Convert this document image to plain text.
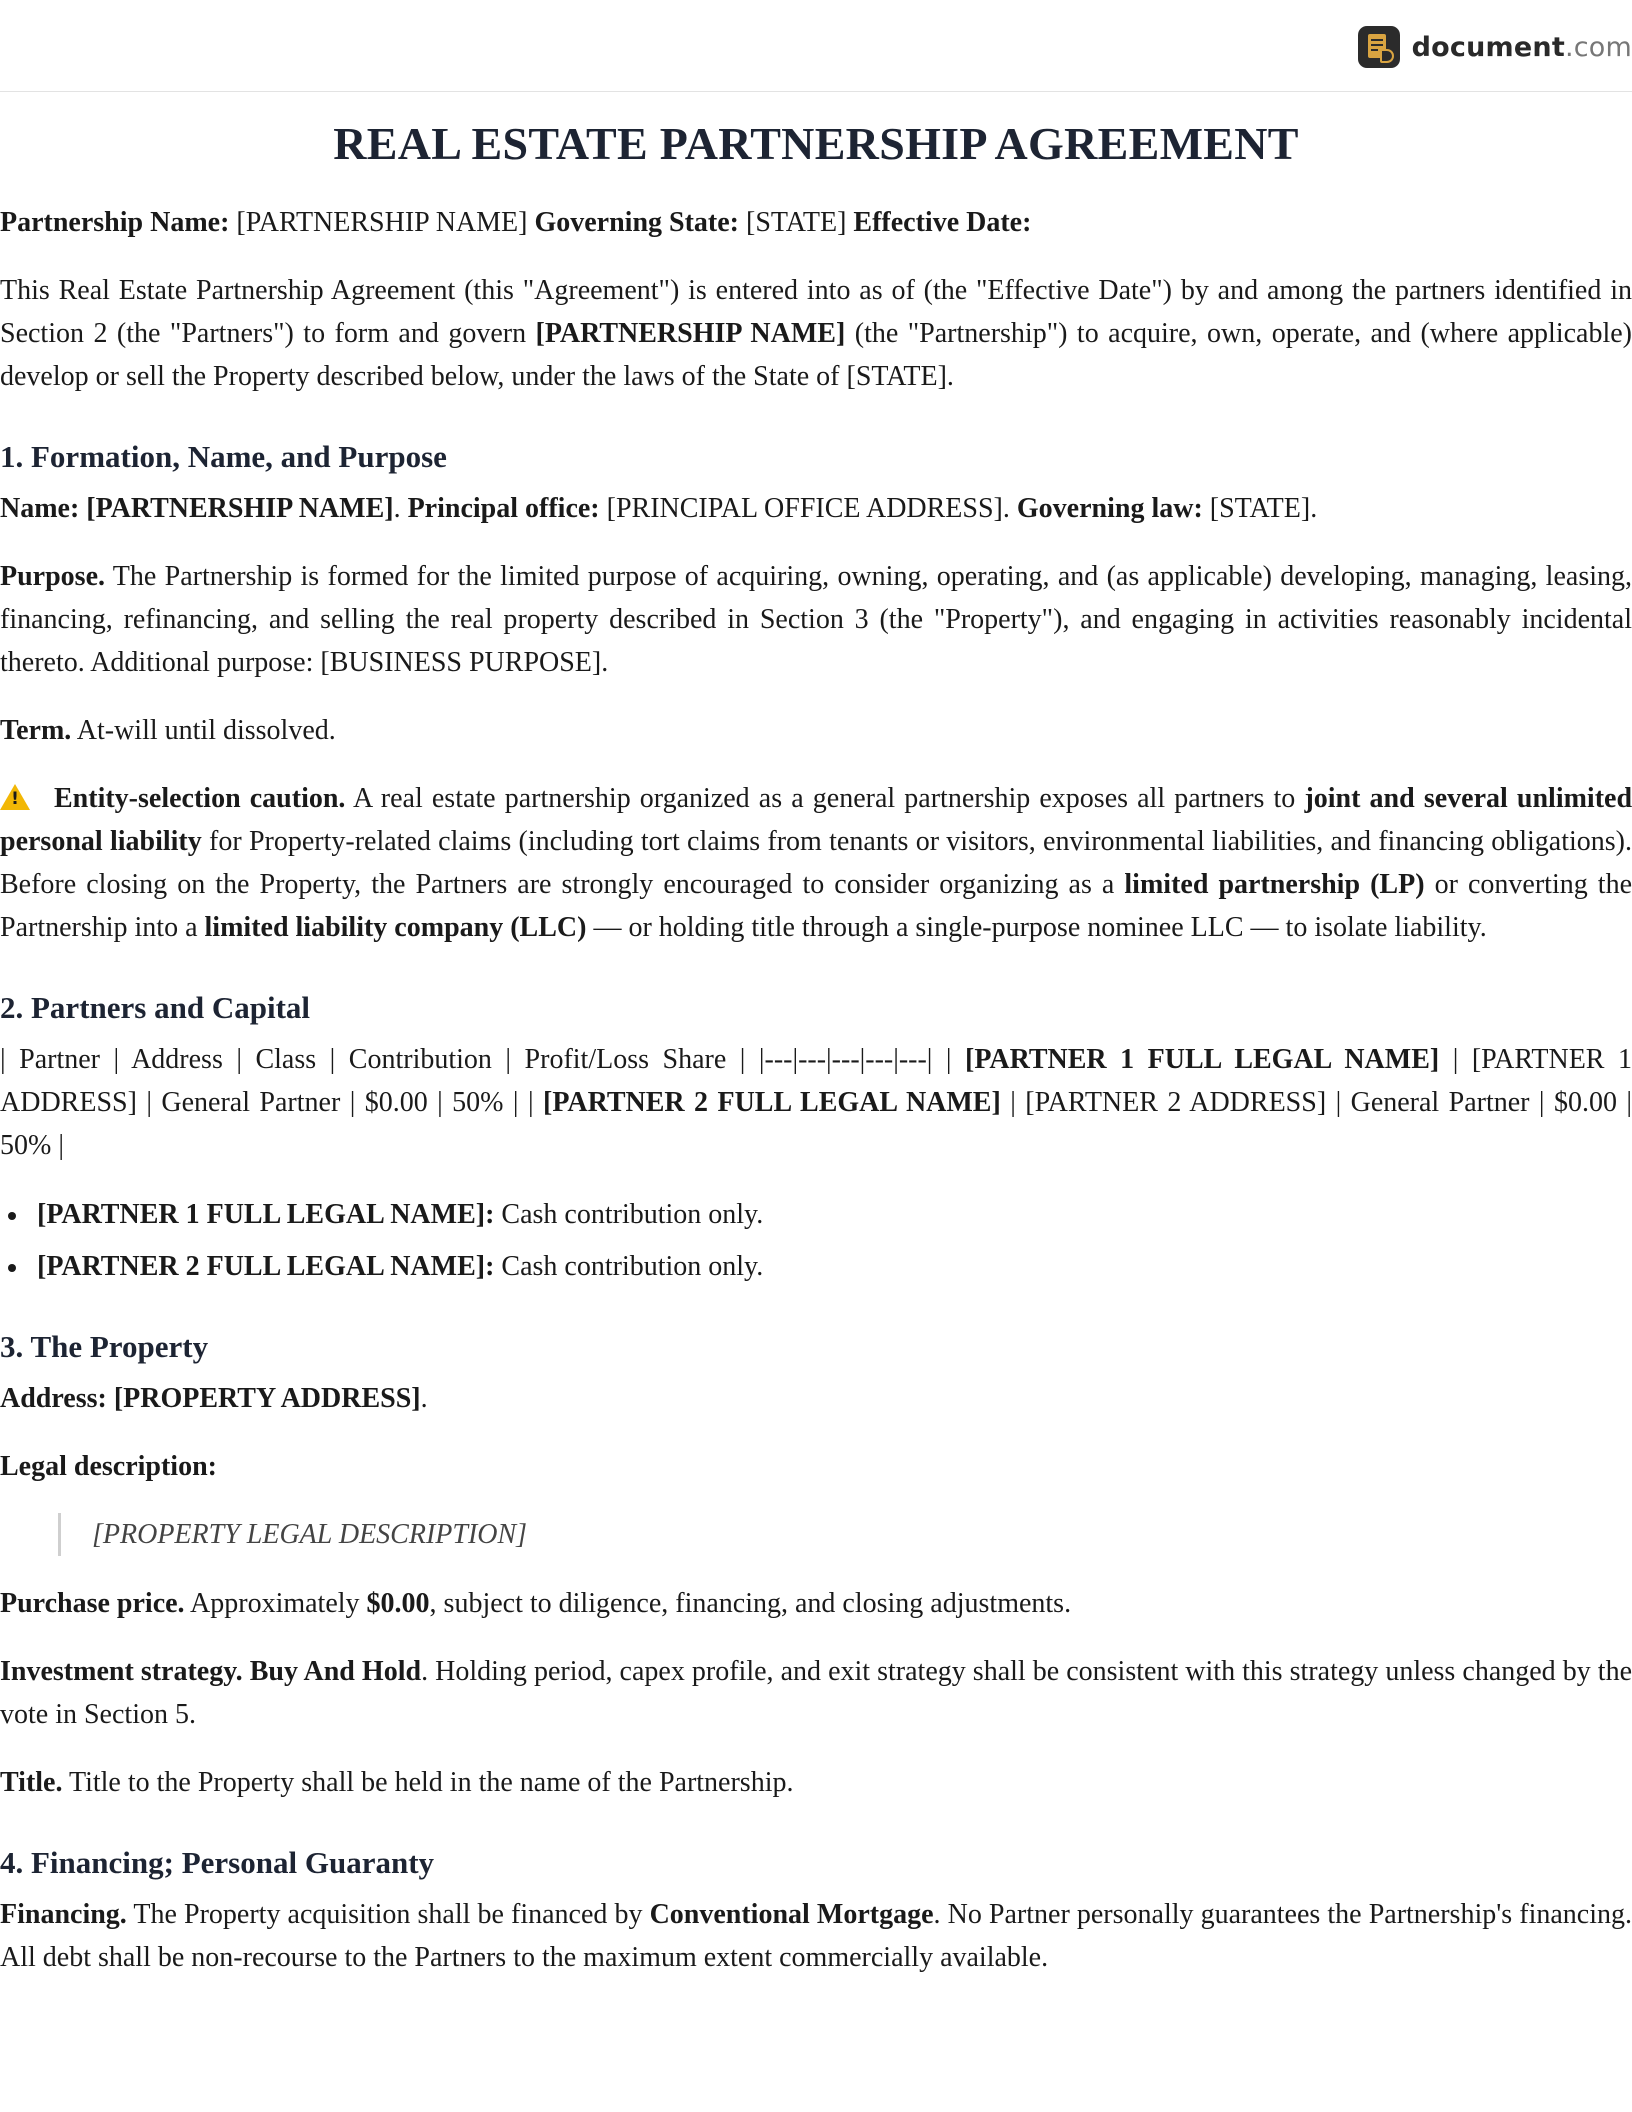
document.com
REAL ESTATE PARTNERSHIP AGREEMENT

Partnership Name: [PARTNERSHIP NAME] Governing State: [STATE] Effective Date:

This Real Estate Partnership Agreement (this "Agreement") is entered into as of (the "Effective Date") by and among the partners identified in Section 2 (the "Partners") to form and govern [PARTNERSHIP NAME] (the "Partnership") to acquire, own, operate, and (where applicable) develop or sell the Property described below, under the laws of the State of [STATE].

1. Formation, Name, and Purpose

Name: [PARTNERSHIP NAME]. Principal office: [PRINCIPAL OFFICE ADDRESS]. Governing law: [STATE].

Purpose. The Partnership is formed for the limited purpose of acquiring, owning, operating, and (as applicable) developing, managing, leasing, financing, refinancing, and selling the real property described in Section 3 (the "Property"), and engaging in activities reasonably incidental thereto. Additional purpose: [BUSINESS PURPOSE].

Term. At-will until dissolved.

!	Entity-selection caution. A real estate partnership organized as a general partnership exposes all partners to joint and several unlimited personal liability for Property-related claims (including tort claims from tenants or visitors, environmental liabilities, and financing obligations). Before closing on the Property, the Partners are strongly encouraged to consider organizing as a limited partnership (LP) or converting the Partnership into a limited liability company (LLC) — or holding title through a single-purpose nominee LLC — to isolate liability.

2. Partners and Capital

| Partner | Address | Class | Contribution | Profit/Loss Share | |---|---|---|---|---| | [PARTNER 1 FULL LEGAL NAME] | [PARTNER 1 ADDRESS] | General Partner | $0.00 | 50% | | [PARTNER 2 FULL LEGAL NAME] | [PARTNER 2 ADDRESS] | General Partner | $0.00 | 50% |

[PARTNER 1 FULL LEGAL NAME]: Cash contribution only.
[PARTNER 2 FULL LEGAL NAME]: Cash contribution only.
3. The Property

Address: [PROPERTY ADDRESS].

Legal description:

[PROPERTY LEGAL DESCRIPTION]

Purchase price. Approximately $0.00, subject to diligence, financing, and closing adjustments.

Investment strategy. Buy And Hold. Holding period, capex profile, and exit strategy shall be consistent with this strategy unless changed by the vote in Section 5.

Title. Title to the Property shall be held in the name of the Partnership.

4. Financing; Personal Guaranty

Financing. The Property acquisition shall be financed by Conventional Mortgage. No Partner personally guarantees the Partnership's financing. All debt shall be non-recourse to the Partners to the maximum extent commercially available.
